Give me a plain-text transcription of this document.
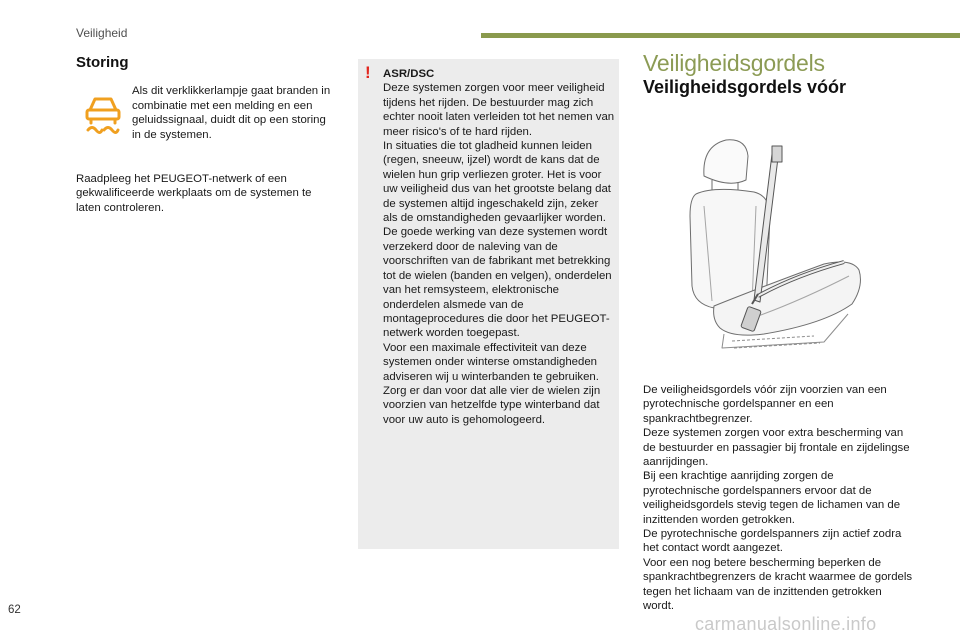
Veiligheid
Storing

Als dit verklikkerlampje gaat branden in combinatie met een melding en een geluidssignaal, duidt dit op een storing in de systemen.

Raadpleeg het PEUGEOT-netwerk of een gekwalificeerde werkplaats om de systemen te laten controleren.

! ASR/DSC

Deze systemen zorgen voor meer veiligheid tijdens het rijden. De bestuurder mag zich echter nooit laten verleiden tot het nemen van meer risico's of te hard rijden.

In situaties die tot gladheid kunnen leiden (regen, sneeuw, ijzel) wordt de kans dat de wielen hun grip verliezen groter. Het is voor uw veiligheid dus van het grootste belang dat de systemen altijd ingeschakeld zijn, zeker als de omstandigheden gevaarlijker worden.

De goede werking van deze systemen wordt verzekerd door de naleving van de voorschriften van de fabrikant met betrekking tot de wielen (banden en velgen), onderdelen van het remsysteem, elektronische onderdelen alsmede van de montageprocedures die door het PEUGEOT-netwerk worden toegepast.

Voor een maximale effectiviteit van deze systemen onder winterse omstandigheden adviseren wij u winterbanden te gebruiken.

Zorg er dan voor dat alle vier de wielen zijn voorzien van hetzelfde type winterband dat voor uw auto is gehomologeerd.

Veiligheidsgordels
Veiligheidsgordels vóór
De veiligheidsgordels vóór zijn voorzien van een pyrotechnische gordelspanner en een spankrachtbegrenzer.
Deze systemen zorgen voor extra bescherming van de bestuurder en passagier bij frontale en zijdelingse aanrijdingen.
Bij een krachtige aanrijding zorgen de pyrotechnische gordelspanners ervoor dat de veiligheidsgordels stevig tegen de lichamen van de inzittenden worden getrokken.
De pyrotechnische gordelspanners zijn actief zodra het contact wordt aangezet.
Voor een nog betere bescherming beperken de spankrachtbegrenzers de kracht waarmee de gordels tegen het lichaam van de inzittenden getrokken wordt.
62
carmanualsonline.info
